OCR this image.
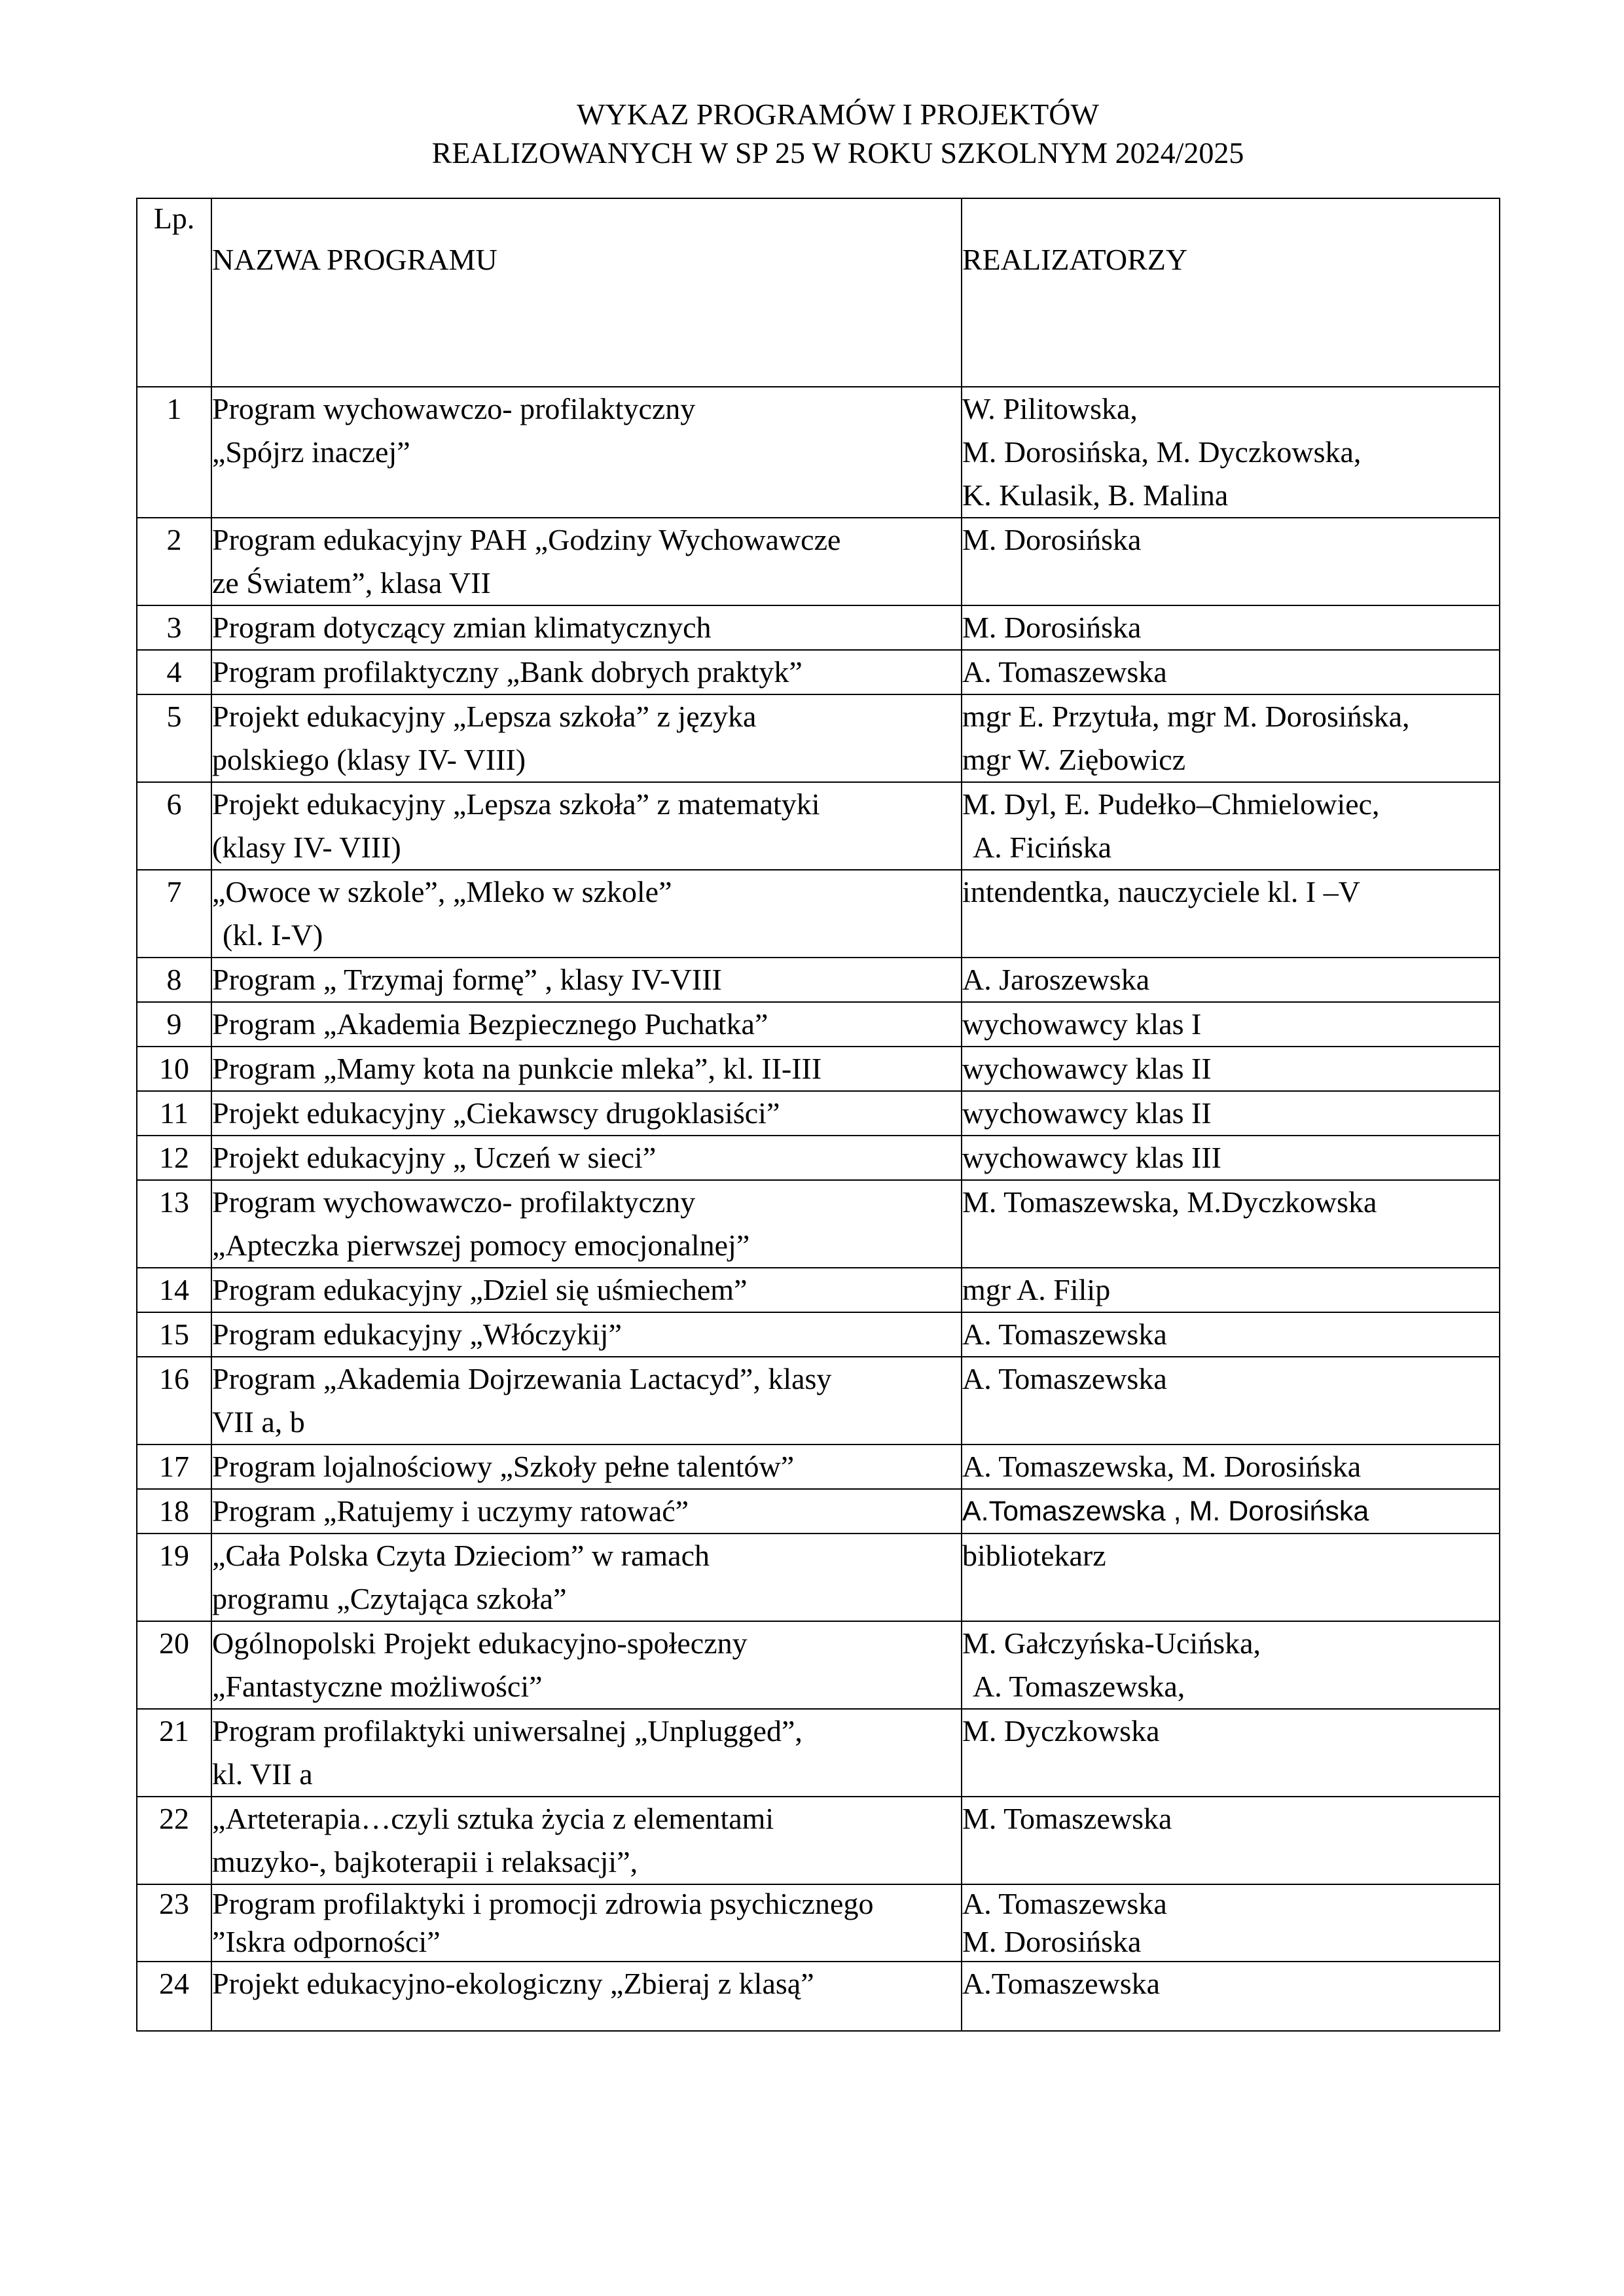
WYKAZ PROGRAMÓW I PROJEKTÓW
REALIZOWANYCH W SP 25 W ROKU SZKOLNYM 2024/2025
Lp.	NAZWA PROGRAMU	REALIZATORZY

1	Program wychowawczo- profilaktyczny
„Spójrz inaczej”	W. Pilitowska,
M. Dorosińska, M. Dyczkowska,
K. Kulasik, B. Malina

2	Program edukacyjny PAH „Godziny Wychowawcze
ze Światem”, klasa VII	M. Dorosińska

3	Program dotyczący zmian klimatycznych	M. Dorosińska

4	Program profilaktyczny „Bank dobrych praktyk”	A. Tomaszewska

5	Projekt edukacyjny „Lepsza szkoła” z języka
polskiego (klasy IV- VIII)	mgr E. Przytuła, mgr M. Dorosińska,
mgr W. Ziębowicz

6	Projekt edukacyjny „Lepsza szkoła” z matematyki
(klasy IV- VIII)	M. Dyl, E. Pudełko–Chmielowiec,
A. Ficińska

7	„Owoce w szkole”, „Mleko w szkole”
(kl. I-V)	intendentka, nauczyciele kl. I –V

8	Program „ Trzymaj formę” , klasy IV-VIII	A. Jaroszewska

9	Program „Akademia Bezpiecznego Puchatka”	wychowawcy klas I

10	Program „Mamy kota na punkcie mleka”, kl. II-III	wychowawcy klas II

11	Projekt edukacyjny „Ciekawscy drugoklasiści”	wychowawcy klas II

12	Projekt edukacyjny „ Uczeń w sieci”	wychowawcy klas III

13	Program wychowawczo- profilaktyczny
„Apteczka pierwszej pomocy emocjonalnej”	M. Tomaszewska, M.Dyczkowska

14	Program edukacyjny „Dziel się uśmiechem”	mgr A. Filip

15	Program edukacyjny „Włóczykij”	A. Tomaszewska

16	Program „Akademia Dojrzewania Lactacyd”, klasy
VII a, b	A. Tomaszewska

17	Program lojalnościowy „Szkoły pełne talentów”	A. Tomaszewska, M. Dorosińska

18	Program „Ratujemy i uczymy ratować”	A.Tomaszewska , M. Dorosińska

19	„Cała Polska Czyta Dzieciom” w ramach
programu „Czytająca szkoła”	bibliotekarz

20	Ogólnopolski Projekt edukacyjno-społeczny
„Fantastyczne możliwości”	M. Gałczyńska-Ucińska,
A. Tomaszewska,

21	Program profilaktyki uniwersalnej „Unplugged”,
kl. VII a	M. Dyczkowska

22	„Arteterapia…czyli sztuka życia z elementami
muzyko-, bajkoterapii i relaksacji”,	M. Tomaszewska

23	Program profilaktyki i promocji zdrowia psychicznego
”Iskra odporności”	A. Tomaszewska
M. Dorosińska

24	Projekt edukacyjno-ekologiczny „Zbieraj z klasą”	A.Tomaszewska
